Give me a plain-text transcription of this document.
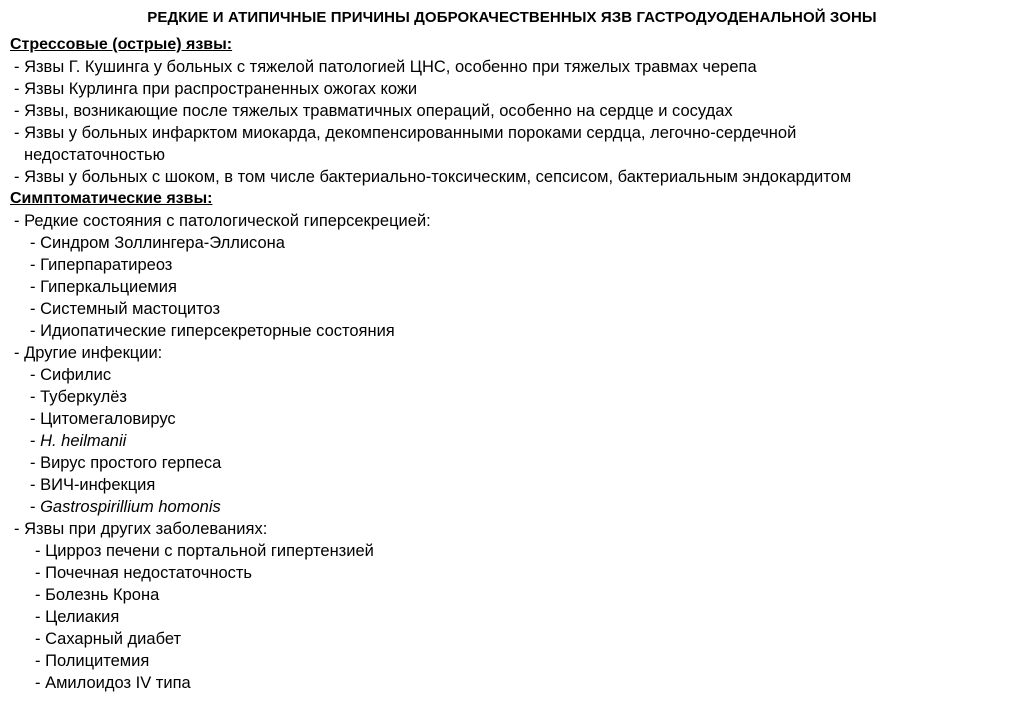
РЕДКИЕ И АТИПИЧНЫЕ ПРИЧИНЫ ДОБРОКАЧЕСТВЕННЫХ ЯЗВ ГАСТРОДУОДЕНАЛЬНОЙ ЗОНЫ
Стрессовые (острые) язвы:
- Язвы Г. Кушинга у больных с тяжелой патологией ЦНС, особенно при тяжелых травмах черепа
- Язвы Курлинга при распространенных ожогах кожи
- Язвы, возникающие после тяжелых травматичных операций, особенно на сердце и сосудах
- Язвы у больных инфарктом миокарда, декомпенсированными пороками сердца, легочно-сердечной
недостаточностью
- Язвы у больных с шоком, в том числе бактериально-токсическим, сепсисом, бактериальным эндокардитом
Симптоматические язвы:
- Редкие состояния с патологической гиперсекрецией:
- Синдром Золлингера-Эллисона
- Гиперпаратиреоз
- Гиперкальциемия
- Системный мастоцитоз
- Идиопатические гиперсекреторные состояния
- Другие инфекции:
- Сифилис
- Туберкулёз
- Цитомегаловирус
- H. heilmanii
- Вирус простого герпеса
- ВИЧ-инфекция
- Gastrospirillium homonis
- Язвы при других заболеваниях:
- Цирроз печени с портальной гипертензией
- Почечная недостаточность
- Болезнь Крона
- Целиакия
- Сахарный диабет
- Полицитемия
- Амилоидоз IV типа
